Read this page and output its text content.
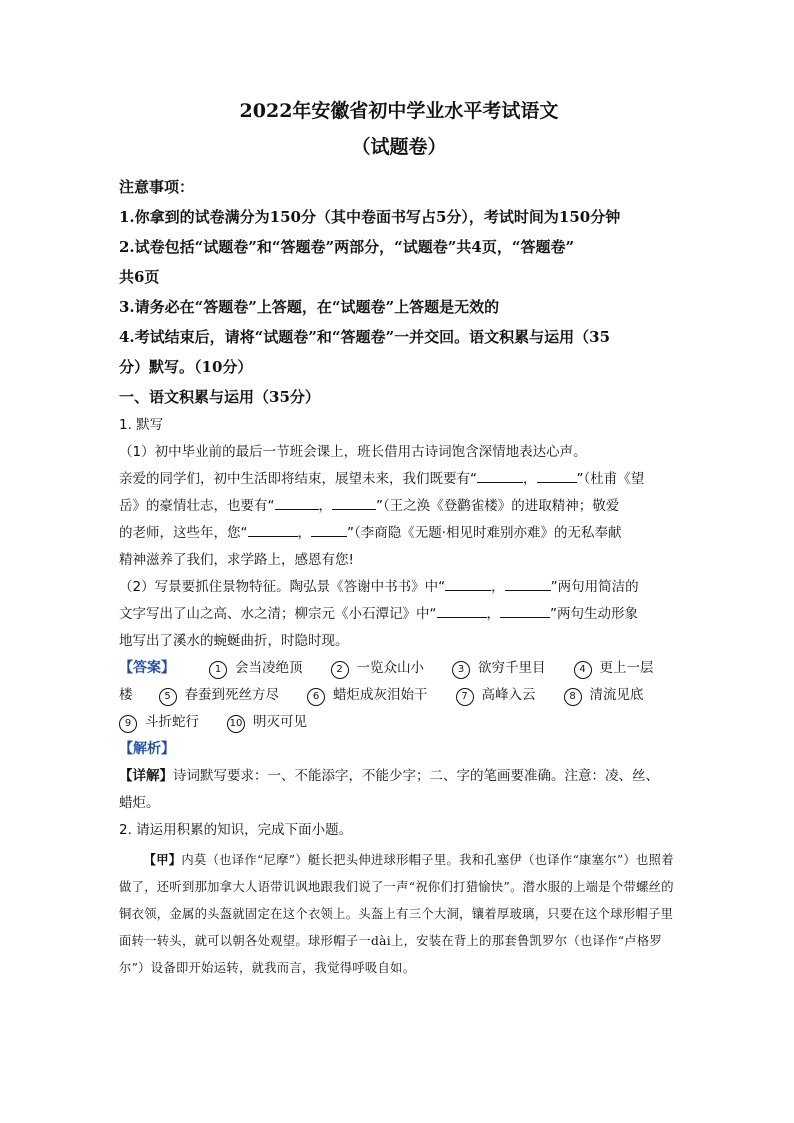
2022年安徽省初中学业水平考试语文
（试题卷）
注意事项：
1.你拿到的试卷满分为150分（其中卷面书写占5分），考试时间为150分钟
2.试卷包括“试题卷”和“答题卷”两部分，“试题卷”共4页，“答题卷”
共6页
3.请务必在“答题卷”上答题，在“试题卷”上答题是无效的
4.考试结束后，请将“试题卷”和“答题卷”一并交回。语文积累与运用（35
分）默写。（10分）
一、语文积累与运用（35分）
1. 默写
（1）初中毕业前的最后一节班会课上，班长借用古诗词饱含深情地表达心声。
亲爱的同学们，初中生活即将结束，展望未来，我们既要有“	，	”（杜甫《望
岳》的豪情壮志，也要有“	，	”（王之涣《登鹳雀楼》的进取精神；敬爱
的老师，这些年，您“	，	”（李商隐《无题·相见时难别亦难》的无私奉献
精神滋养了我们，求学路上，感恩有您!
（2）写景要抓住景物特征。陶弘景《答谢中书书》中“	，	”两句用简洁的
文字写出了山之高、水之清；柳宗元《小石潭记》中“	，	”两句生动形象
地写出了溪水的蜿蜒曲折，时隐时现。
【答案】	1 会当凌绝顶	2 一览众山小	3 欲穷千里目	4 更上一层
楼	5 春蚕到死丝方尽	6 蜡炬成灰泪始干	7 高峰入云	8 清流见底
9 斗折蛇行	10 明灭可见
【解析】
【详解】诗词默写要求：一、不能添字，不能少字；二、字的笔画要准确。注意：凌、丝、
蜡炬。
2. 请运用积累的知识，完成下面小题。
【甲】内莫（也译作“尼摩”）艇长把头伸进球形帽子里。我和孔塞伊（也译作“康塞尔”）也照着做了，还听到那加拿大人语带讥讽地跟我们说了一声“祝你们打猎愉快”。潜水服的上端是个带螺丝的铜衣领，金属的头盔就固定在这个衣领上。头盔上有三个大洞，镶着厚玻璃，只要在这个球形帽子里面转一转头，就可以朝各处观望。球形帽子一dài上，安装在背上的那套鲁凯罗尔（也译作“卢格罗尔”）设备即开始运转，就我而言，我觉得呼吸自如。
